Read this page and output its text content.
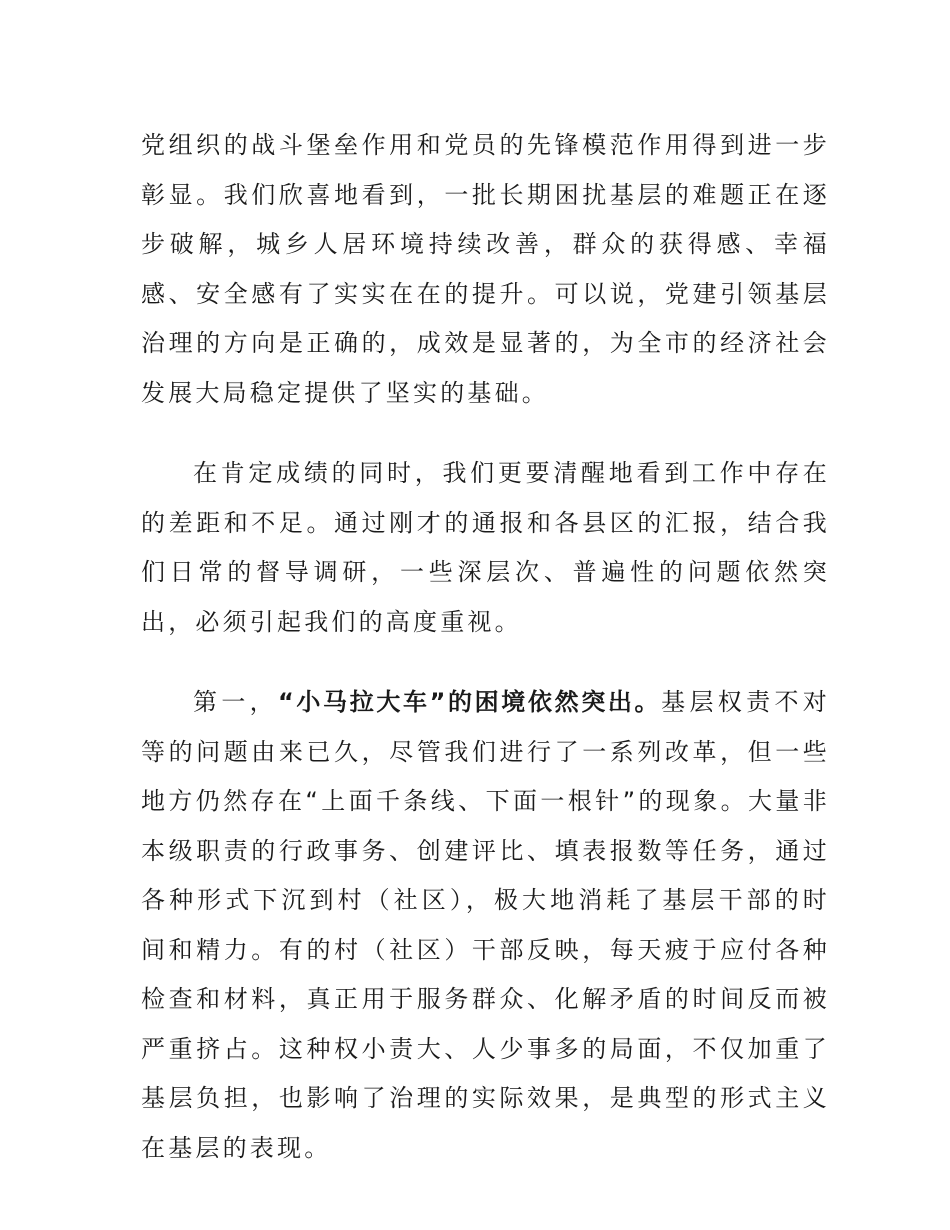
党组织的战斗堡垒作用和党员的先锋模范作用得到进一步彰显。我们欣喜地看到，一批长期困扰基层的难题正在逐步破解，城乡人居环境持续改善，群众的获得感、幸福感、安全感有了实实在在的提升。可以说，党建引领基层治理的方向是正确的，成效是显著的，为全市的经济社会发展大局稳定提供了坚实的基础。

在肯定成绩的同时，我们更要清醒地看到工作中存在的差距和不足。通过刚才的通报和各县区的汇报，结合我们日常的督导调研，一些深层次、普遍性的问题依然突出，必须引起我们的高度重视。

第一，“小马拉大车”的困境依然突出。基层权责不对等的问题由来已久，尽管我们进行了一系列改革，但一些地方仍然存在“上面千条线、下面一根针”的现象。大量非本级职责的行政事务、创建评比、填表报数等任务，通过各种形式下沉到村（社区），极大地消耗了基层干部的时间和精力。有的村（社区）干部反映，每天疲于应付各种检查和材料，真正用于服务群众、化解矛盾的时间反而被严重挤占。这种权小责大、人少事多的局面，不仅加重了基层负担，也影响了治理的实际效果，是典型的形式主义在基层的表现。
